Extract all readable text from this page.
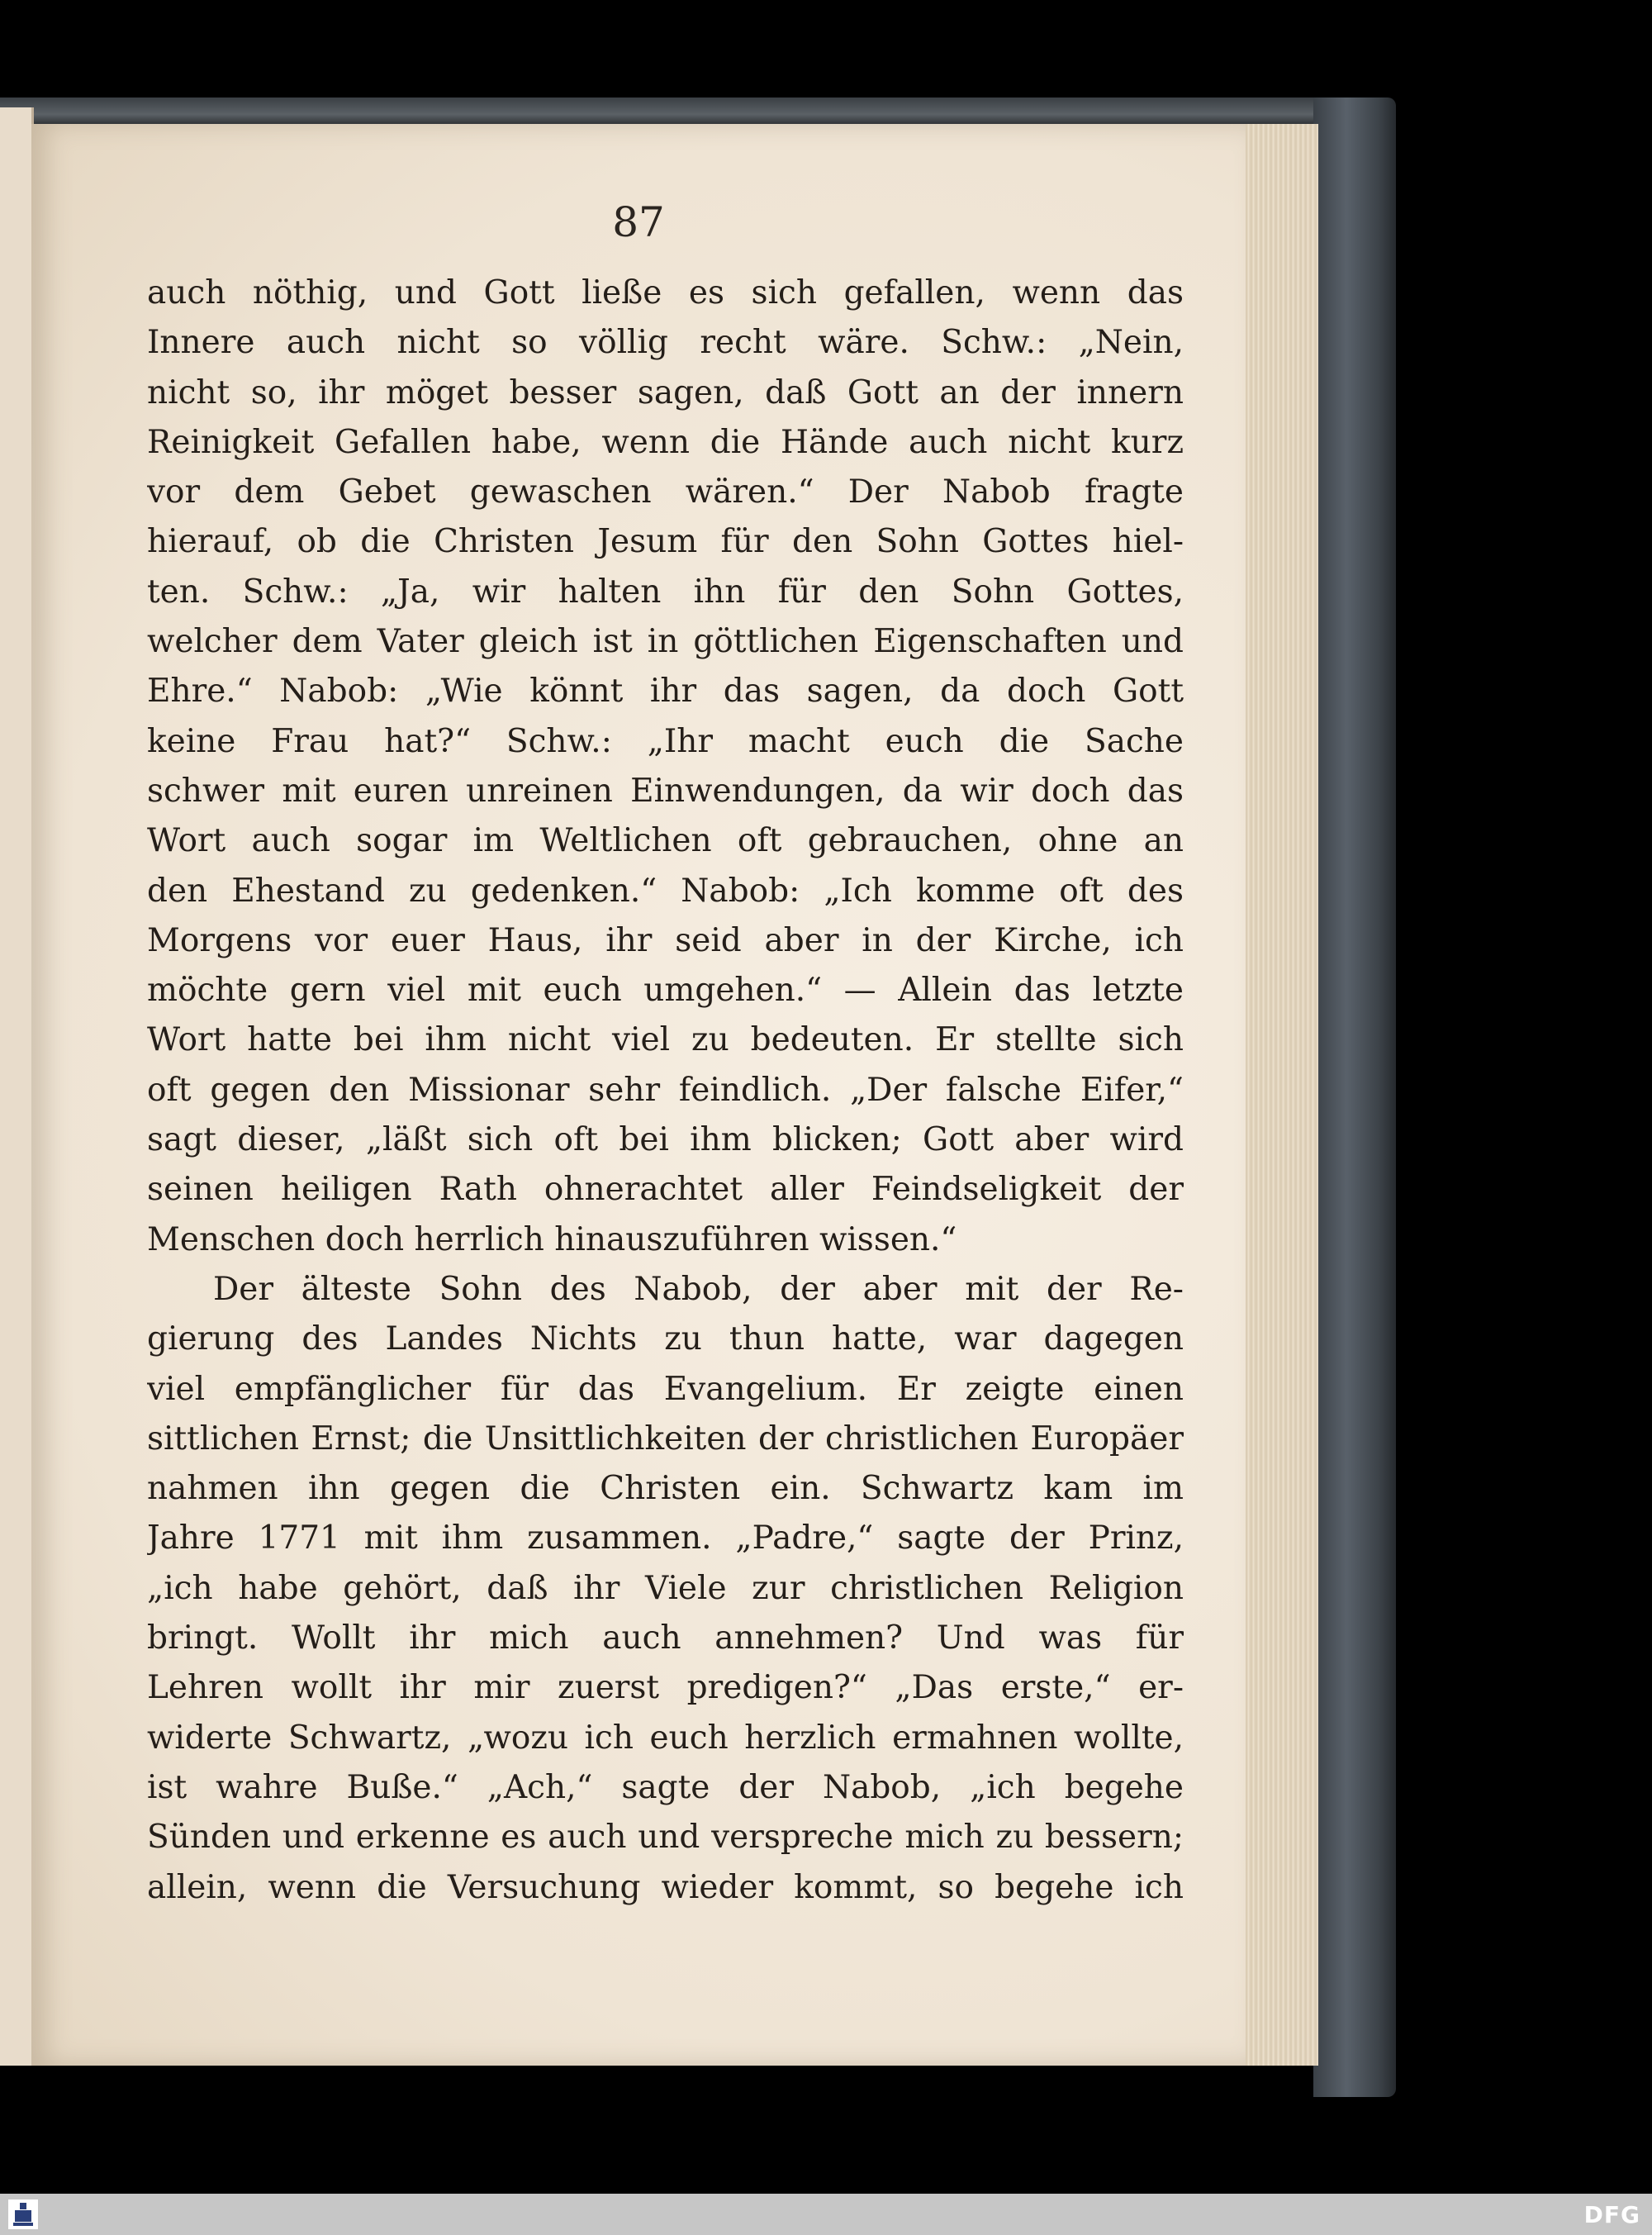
87
auch nöthig, und Gott ließe es sich gefallen, wenn das
Innere auch nicht so völlig recht wäre. Schw.: „Nein,
nicht so, ihr möget besser sagen, daß Gott an der innern
Reinigkeit Gefallen habe, wenn die Hände auch nicht kurz
vor dem Gebet gewaschen wären.“ Der Nabob fragte
hierauf, ob die Christen Jesum für den Sohn Gottes hiel-
ten. Schw.: „Ja, wir halten ihn für den Sohn Gottes,
welcher dem Vater gleich ist in göttlichen Eigenschaften und
Ehre.“ Nabob: „Wie könnt ihr das sagen, da doch Gott
keine Frau hat?“ Schw.: „Ihr macht euch die Sache
schwer mit euren unreinen Einwendungen, da wir doch das
Wort auch sogar im Weltlichen oft gebrauchen, ohne an
den Ehestand zu gedenken.“ Nabob: „Ich komme oft des
Morgens vor euer Haus, ihr seid aber in der Kirche, ich
möchte gern viel mit euch umgehen.“ — Allein das letzte
Wort hatte bei ihm nicht viel zu bedeuten. Er stellte sich
oft gegen den Missionar sehr feindlich. „Der falsche Eifer,“
sagt dieser, „läßt sich oft bei ihm blicken; Gott aber wird
seinen heiligen Rath ohnerachtet aller Feindseligkeit der
Menschen doch herrlich hinauszuführen wissen.“
Der älteste Sohn des Nabob, der aber mit der Re-
gierung des Landes Nichts zu thun hatte, war dagegen
viel empfänglicher für das Evangelium. Er zeigte einen
sittlichen Ernst; die Unsittlichkeiten der christlichen Europäer
nahmen ihn gegen die Christen ein. Schwartz kam im
Jahre 1771 mit ihm zusammen. „Padre,“ sagte der Prinz,
„ich habe gehört, daß ihr Viele zur christlichen Religion
bringt. Wollt ihr mich auch annehmen? Und was für
Lehren wollt ihr mir zuerst predigen?“ „Das erste,“ er-
widerte Schwartz, „wozu ich euch herzlich ermahnen wollte,
ist wahre Buße.“ „Ach,“ sagte der Nabob, „ich begehe
Sünden und erkenne es auch und verspreche mich zu bessern;
allein, wenn die Versuchung wieder kommt, so begehe ich
DFG
